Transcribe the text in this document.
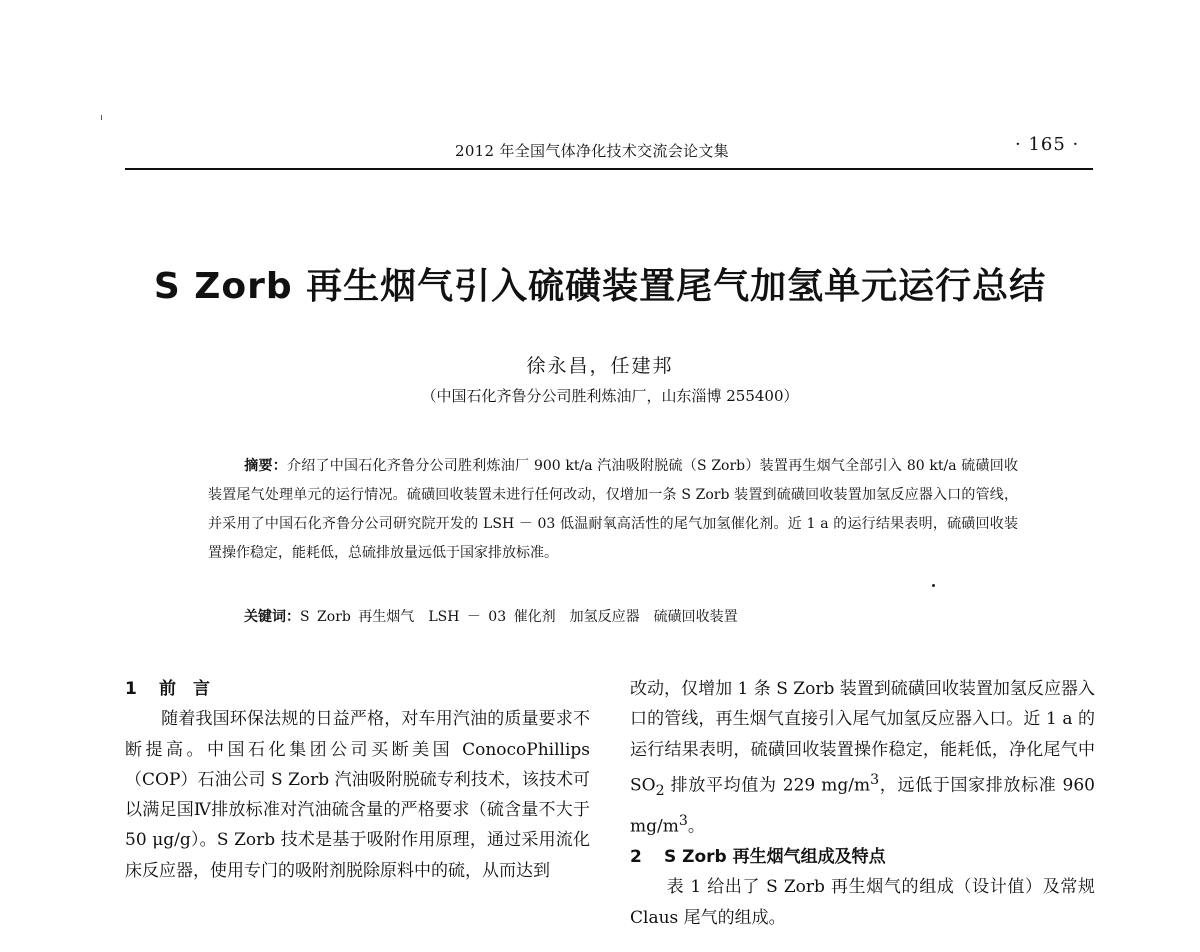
2012 年全国气体净化技术交流会论文集	· 165 ·
S Zorb 再生烟气引入硫磺装置尾气加氢单元运行总结
徐永昌，任建邦
（中国石化齐鲁分公司胜利炼油厂，山东淄博 255400）
摘要：介绍了中国石化齐鲁分公司胜利炼油厂 900 kt/a 汽油吸附脱硫（S Zorb）装置再生烟气全部引入 80 kt/a 硫磺回收装置尾气处理单元的运行情况。硫磺回收装置未进行任何改动，仅增加一条 S Zorb 装置到硫磺回收装置加氢反应器入口的管线，并采用了中国石化齐鲁分公司研究院开发的 LSH － 03 低温耐氧高活性的尾气加氢催化剂。近 1 a 的运行结果表明，硫磺回收装置操作稳定，能耗低，总硫排放量远低于国家排放标准。
关键词：S Zorb 再生烟气 LSH － 03 催化剂 加氢反应器 硫磺回收装置
1 前　言

随着我国环保法规的日益严格，对车用汽油的质量要求不断提高。中国石化集团公司买断美国 ConocoPhillips（COP）石油公司 S Zorb 汽油吸附脱硫专利技术，该技术可以满足国Ⅳ排放标准对汽油硫含量的严格要求（硫含量不大于 50 μg/g）。S Zorb 技术是基于吸附作用原理，通过采用流化床反应器，使用专门的吸附剂脱除原料中的硫，从而达到

改动，仅增加 1 条 S Zorb 装置到硫磺回收装置加氢反应器入口的管线，再生烟气直接引入尾气加氢反应器入口。近 1 a 的运行结果表明，硫磺回收装置操作稳定，能耗低，净化尾气中 $SO_2$ 排放平均值为 229 $mg/m^3$，远低于国家排放标准 960 $mg/m^3$。

2 S Zorb 再生烟气组成及特点

表 1 给出了 S Zorb 再生烟气的组成（设计值）及常规 Claus 尾气的组成。
